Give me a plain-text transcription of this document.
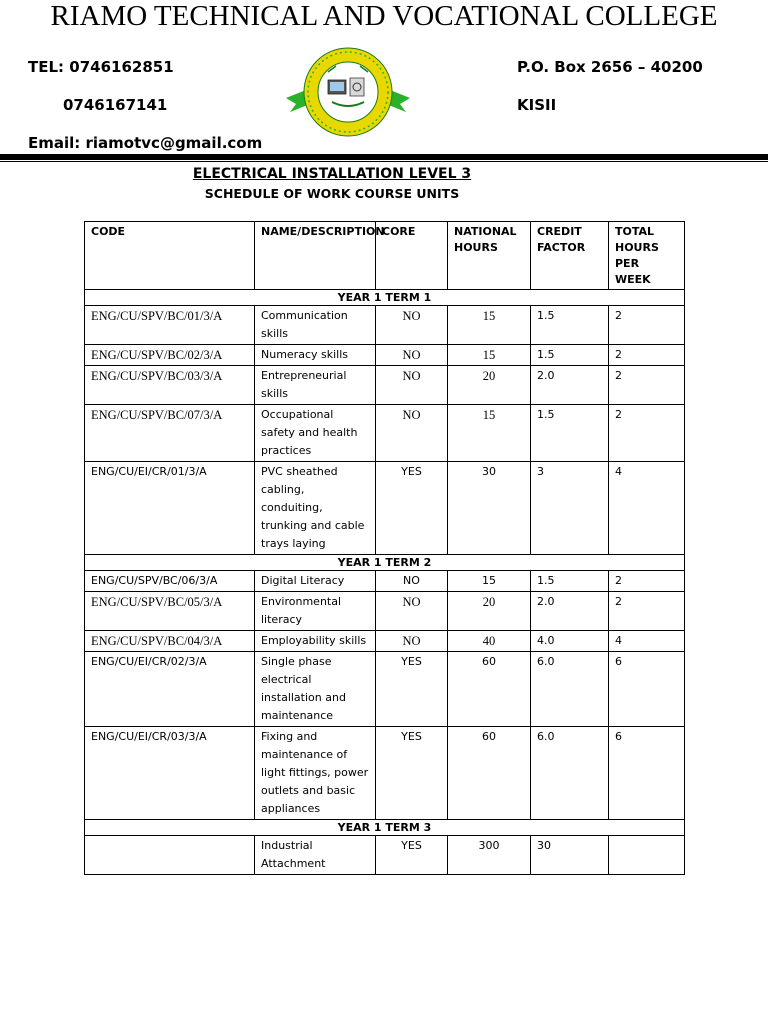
RIAMO TECHNICAL AND VOCATIONAL COLLEGE
TEL: 0746162851
0746167141
Email: riamotvc@gmail.com
P.O. Box 2656 – 40200
KISII
ELECTRICAL INSTALLATION LEVEL 3
SCHEDULE OF WORK COURSE UNITS
CODE	NAME/DESCRIPTION	CORE	NATIONAL HOURS	CREDIT FACTOR	TOTAL HOURS PER WEEK
YEAR 1 TERM 1					
ENG/CU/SPV/BC/01/3/A	Communication skills	NO	15	1.5	2
ENG/CU/SPV/BC/02/3/A	Numeracy skills	NO	15	1.5	2
ENG/CU/SPV/BC/03/3/A	Entrepreneurial skills	NO	20	2.0	2
ENG/CU/SPV/BC/07/3/A	Occupational safety and health practices	NO	15	1.5	2
ENG/CU/EI/CR/01/3/A	PVC sheathed cabling, conduiting, trunking and cable trays laying	YES	30	3	4
YEAR 1 TERM 2					
ENG/CU/SPV/BC/06/3/A	Digital Literacy	NO	15	1.5	2
ENG/CU/SPV/BC/05/3/A	Environmental literacy	NO	20	2.0	2
ENG/CU/SPV/BC/04/3/A	Employability skills	NO	40	4.0	4
ENG/CU/EI/CR/02/3/A	Single phase electrical installation and maintenance	YES	60	6.0	6
ENG/CU/EI/CR/03/3/A	Fixing and maintenance of light fittings, power outlets and basic appliances	YES	60	6.0	6
YEAR 1 TERM 3					
	Industrial Attachment	YES	300	30	
